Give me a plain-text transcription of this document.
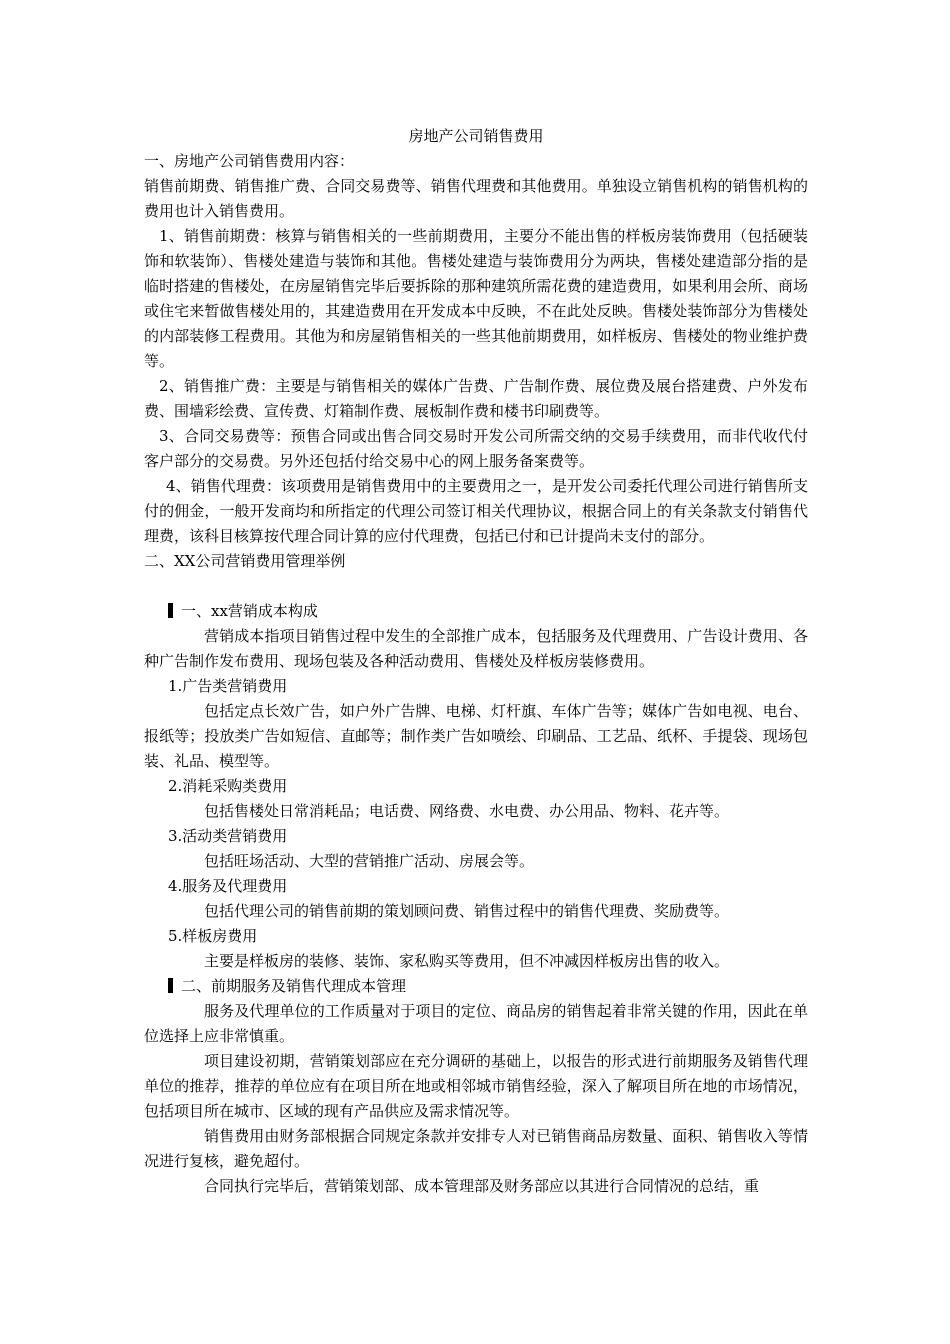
房地产公司销售费用

一、房地产公司销售费用内容：

销售前期费、销售推广费、合同交易费等、销售代理费和其他费用。单独设立销售机构的销售机构的费用也计入销售费用。

1、销售前期费：核算与销售相关的一些前期费用，主要分不能出售的样板房装饰费用（包括硬装饰和软装饰）、售楼处建造与装饰和其他。售楼处建造与装饰费用分为两块，售楼处建造部分指的是临时搭建的售楼处，在房屋销售完毕后要拆除的那种建筑所需花费的建造费用，如果利用会所、商场或住宅来暂做售楼处用的，其建造费用在开发成本中反映，不在此处反映。售楼处装饰部分为售楼处的内部装修工程费用。其他为和房屋销售相关的一些其他前期费用，如样板房、售楼处的物业维护费等。

2、销售推广费：主要是与销售相关的媒体广告费、广告制作费、展位费及展台搭建费、户外发布费、围墙彩绘费、宣传费、灯箱制作费、展板制作费和楼书印刷费等。

3、合同交易费等：预售合同或出售合同交易时开发公司所需交纳的交易手续费用，而非代收代付客户部分的交易费。另外还包括付给交易中心的网上服务备案费等。

4、销售代理费：该项费用是销售费用中的主要费用之一，是开发公司委托代理公司进行销售所支付的佣金，一般开发商均和所指定的代理公司签订相关代理协议，根据合同上的有关条款支付销售代理费，该科目核算按代理合同计算的应付代理费，包括已付和已计提尚未支付的部分。

二、XX公司营销费用管理举例

一、xx营销成本构成

营销成本指项目销售过程中发生的全部推广成本，包括服务及代理费用、广告设计费用、各种广告制作发布费用、现场包装及各种活动费用、售楼处及样板房装修费用。

1.广告类营销费用

包括定点长效广告，如户外广告牌、电梯、灯杆旗、车体广告等；媒体广告如电视、电台、报纸等；投放类广告如短信、直邮等；制作类广告如喷绘、印刷品、工艺品、纸杯、手提袋、现场包装、礼品、模型等。

2.消耗采购类费用

包括售楼处日常消耗品；电话费、网络费、水电费、办公用品、物料、花卉等。

3.活动类营销费用

包括旺场活动、大型的营销推广活动、房展会等。

4.服务及代理费用

包括代理公司的销售前期的策划顾问费、销售过程中的销售代理费、奖励费等。

5.样板房费用

主要是样板房的装修、装饰、家私购买等费用，但不冲减因样板房出售的收入。

二、前期服务及销售代理成本管理

服务及代理单位的工作质量对于项目的定位、商品房的销售起着非常关键的作用，因此在单位选择上应非常慎重。

项目建设初期，营销策划部应在充分调研的基础上，以报告的形式进行前期服务及销售代理单位的推荐，推荐的单位应有在项目所在地或相邻城市销售经验，深入了解项目所在地的市场情况，包括项目所在城市、区域的现有产品供应及需求情况等。

销售费用由财务部根据合同规定条款并安排专人对已销售商品房数量、面积、销售收入等情况进行复核，避免超付。

合同执行完毕后，营销策划部、成本管理部及财务部应以其进行合同情况的总结，重
